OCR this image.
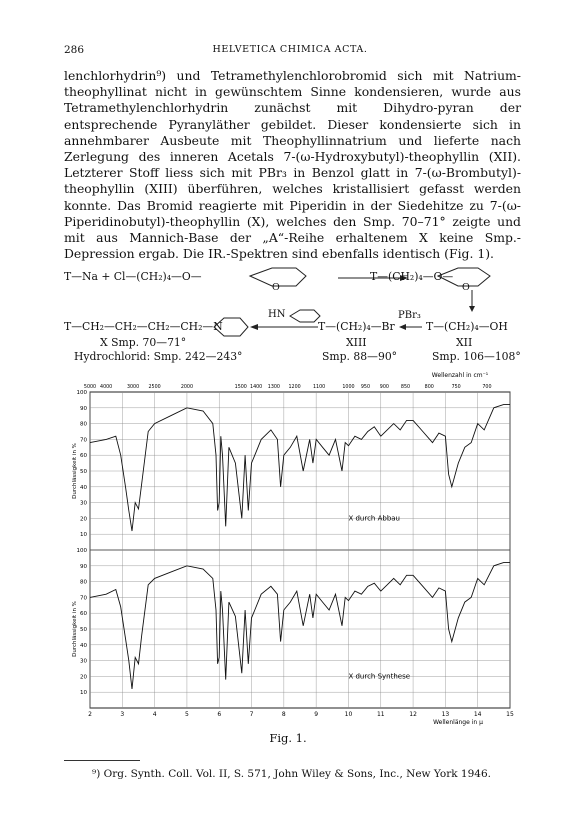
286	HELVETICA CHIMICA ACTA.

lenchlorhydrin⁹) und Tetramethylenchlorobromid sich mit Natrium-theophyllinat nicht in gewünschtem Sinne kondensieren, wurde aus Tetramethylenchlorhydrin zunächst mit Dihydro-pyran der entsprechende Pyranyläther gebildet. Dieser kondensierte sich in annehmbarer Ausbeute mit Theophyllinnatrium und lieferte nach Zerlegung des inneren Acetals 7-(ω-Hydroxybutyl)-theophyllin (XII). Letzterer Stoff liess sich mit PBr₃ in Benzol glatt in 7-(ω-Brombutyl)-theophyllin (XIII) überführen, welches kristallisiert gefasst werden konnte. Das Bromid reagierte mit Piperidin in der Siedehitze zu 7-(ω-Piperidinobutyl)-theophyllin (X), welches den Smp. 70–71° zeigte und mit aus Mannich-Base der „A“-Reihe erhaltenem X keine Smp.-Depression ergab. Die IR.-Spektren sind ebenfalls identisch (Fig. 1).

T—Na + Cl—(CH₂)₄—O—
O
T—(CH₂)₄—O—
O
HN	PBr₃
T—CH₂—CH₂—CH₂—CH₂—N	T—(CH₂)₄—Br	T—(CH₂)₄—OH
X Smp. 70—71°	XIII	XII
Hydrochlorid: Smp. 242—243°	Smp. 88—90°	Smp. 106—108°
Wellenzahl in cm⁻¹
Wellenlänge in μ
10
20
30
40
50
60
70
80
90
100
10
20
30
40
50
60
70
80
90
100
2	3	4	5	6	7	8	9	10	11	12	13	14	15
5000 4000	3000 2500	2000	1500 1400 1300 1200	1100	1000 950 900 850	800	750	700
Durchlässigkeit in %
X durch Abbau
Durchlässigkeit in %
X durch Synthese
Fig. 1.
⁹) Org. Synth. Coll. Vol. II, S. 571, John Wiley & Sons, Inc., New York 1946.
